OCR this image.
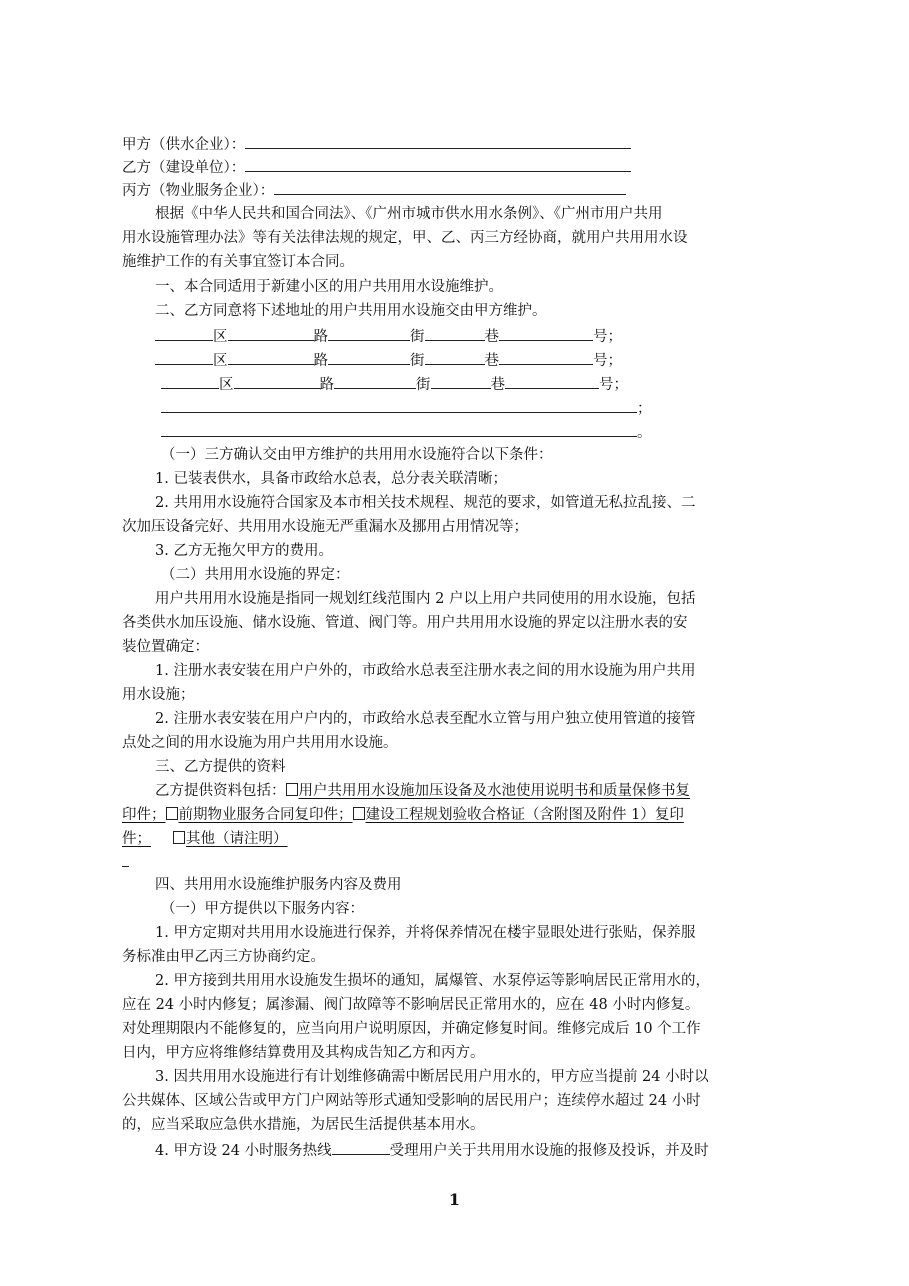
甲方（供水企业）：
乙方（建设单位）：
丙方（物业服务企业）：
根据《中华人民共和国合同法》、《广州市城市供水用水条例》、《广州市用户共用
用水设施管理办法》等有关法律法规的规定，甲、乙、丙三方经协商，就用户共用用水设
施维护工作的有关事宜签订本合同。
一、本合同适用于新建小区的用户共用用水设施维护。
二、乙方同意将下述地址的用户共用用水设施交由甲方维护。
区	路	街	巷	号；
区	路	街	巷	号；
区	路	街	巷	号；
；
。
（一）三方确认交由甲方维护的共用用水设施符合以下条件：
1. 已装表供水，具备市政给水总表，总分表关联清晰；
2. 共用用水设施符合国家及本市相关技术规程、规范的要求，如管道无私拉乱接、二
次加压设备完好、共用用水设施无严重漏水及挪用占用情况等；
3. 乙方无拖欠甲方的费用。
（二）共用用水设施的界定：
用户共用用水设施是指同一规划红线范围内 2 户以上用户共同使用的用水设施，包括
各类供水加压设施、储水设施、管道、阀门等。用户共用用水设施的界定以注册水表的安
装位置确定：
1. 注册水表安装在用户户外的，市政给水总表至注册水表之间的用水设施为用户共用
用水设施；
2. 注册水表安装在用户户内的，市政给水总表至配水立管与用户独立使用管道的接管
点处之间的用水设施为用户共用用水设施。
三、乙方提供的资料
乙方提供资料包括： 用户共用用水设施加压设备及水池使用说明书和质量保修书复
印件； 前期物业服务合同复印件； 建设工程规划验收合格证（含附图及附件 1）复印
件； 其他（请注明）
四、共用用水设施维护服务内容及费用
（一）甲方提供以下服务内容：
1. 甲方定期对共用用水设施进行保养，并将保养情况在楼宇显眼处进行张贴，保养服
务标准由甲乙丙三方协商约定。
2. 甲方接到共用用水设施发生损坏的通知，属爆管、水泵停运等影响居民正常用水的，
应在 24 小时内修复；属渗漏、阀门故障等不影响居民正常用水的，应在 48 小时内修复。
对处理期限内不能修复的，应当向用户说明原因，并确定修复时间。维修完成后 10 个工作
日内，甲方应将维修结算费用及其构成告知乙方和丙方。
3. 因共用用水设施进行有计划维修确需中断居民用户用水的，甲方应当提前 24 小时以
公共媒体、区域公告或甲方门户网站等形式通知受影响的居民用户；连续停水超过 24 小时
的，应当采取应急供水措施，为居民生活提供基本用水。
4. 甲方设 24 小时服务热线	受理用户关于共用用水设施的报修及投诉，并及时
1
